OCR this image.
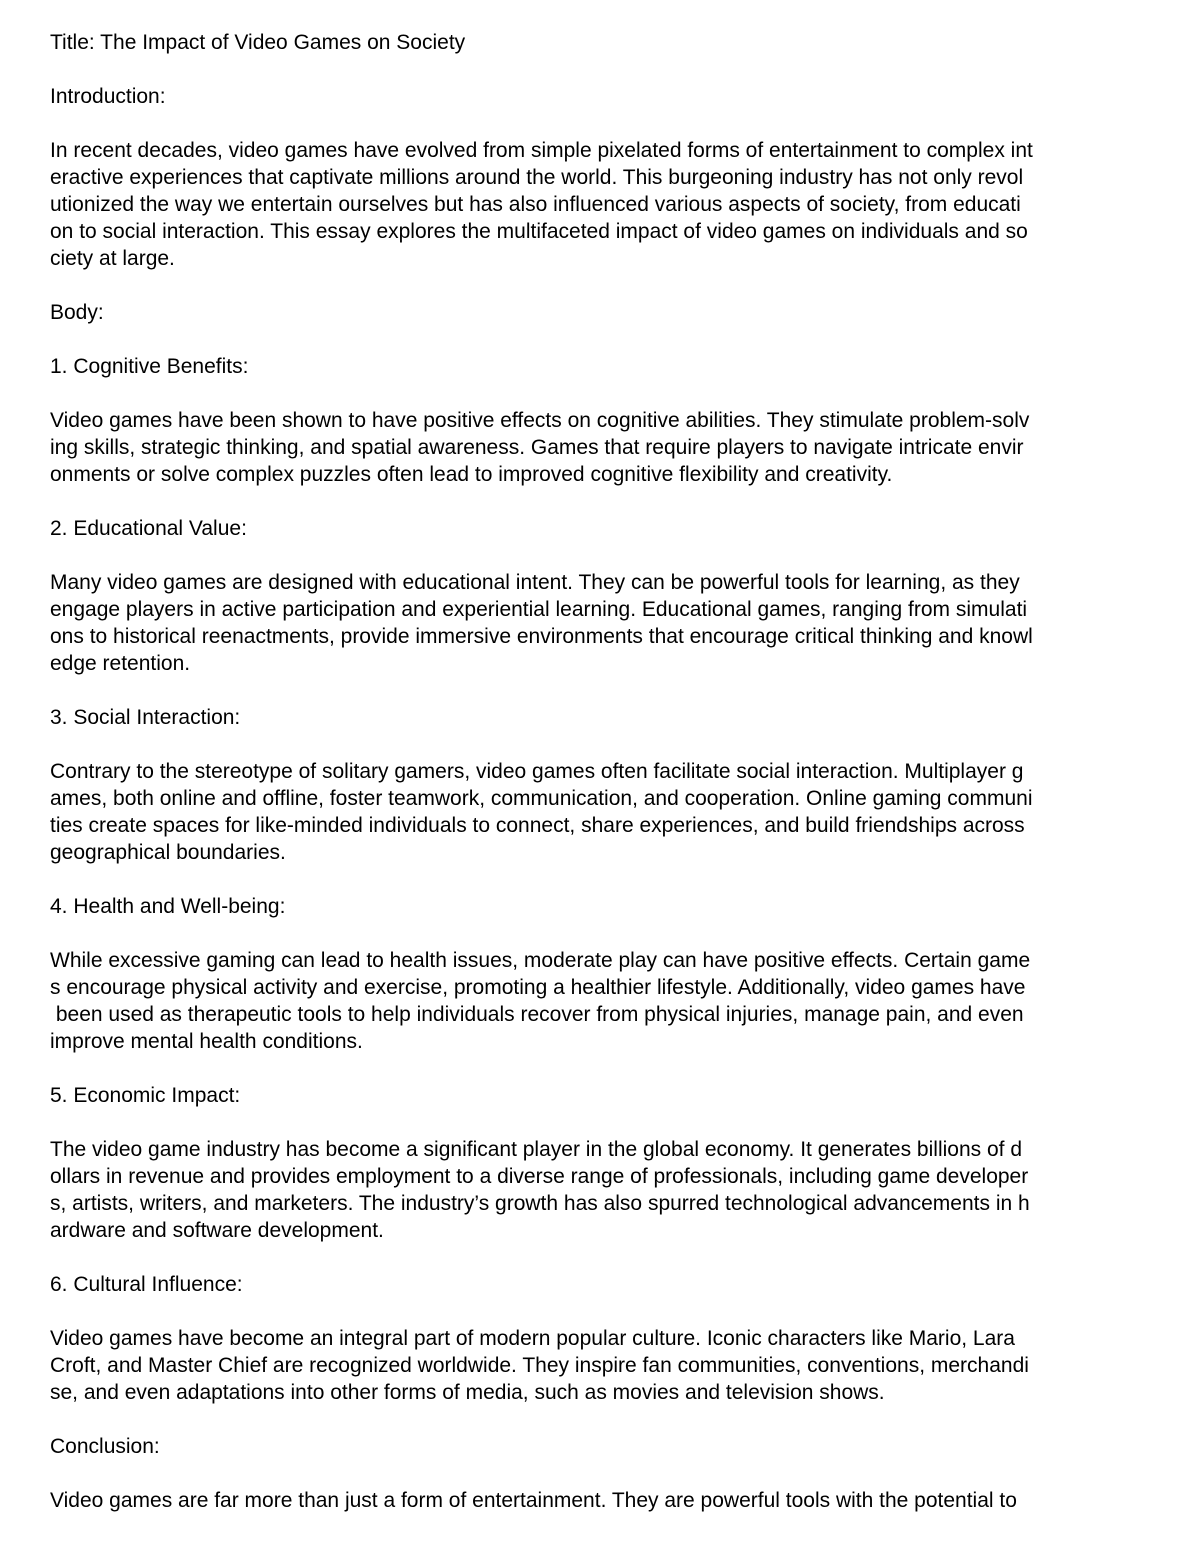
Title: The Impact of Video Games on Society
Introduction:
In recent decades, video games have evolved from simple pixelated forms of entertainment to complex int
eractive experiences that captivate millions around the world. This burgeoning industry has not only revol
utionized the way we entertain ourselves but has also influenced various aspects of society, from educati
on to social interaction. This essay explores the multifaceted impact of video games on individuals and so
ciety at large.
Body:
1. Cognitive Benefits:
Video games have been shown to have positive effects on cognitive abilities. They stimulate problem-solv
ing skills, strategic thinking, and spatial awareness. Games that require players to navigate intricate envir
onments or solve complex puzzles often lead to improved cognitive flexibility and creativity.
2. Educational Value:
Many video games are designed with educational intent. They can be powerful tools for learning, as they
engage players in active participation and experiential learning. Educational games, ranging from simulati
ons to historical reenactments, provide immersive environments that encourage critical thinking and knowl
edge retention.
3. Social Interaction:
Contrary to the stereotype of solitary gamers, video games often facilitate social interaction. Multiplayer g
ames, both online and offline, foster teamwork, communication, and cooperation. Online gaming communi
ties create spaces for like-minded individuals to connect, share experiences, and build friendships across
geographical boundaries.
4. Health and Well-being:
While excessive gaming can lead to health issues, moderate play can have positive effects. Certain game
s encourage physical activity and exercise, promoting a healthier lifestyle. Additionally, video games have
been used as therapeutic tools to help individuals recover from physical injuries, manage pain, and even
improve mental health conditions.
5. Economic Impact:
The video game industry has become a significant player in the global economy. It generates billions of d
ollars in revenue and provides employment to a diverse range of professionals, including game developer
s, artists, writers, and marketers. The industry’s growth has also spurred technological advancements in h
ardware and software development.
6. Cultural Influence:
Video games have become an integral part of modern popular culture. Iconic characters like Mario, Lara
Croft, and Master Chief are recognized worldwide. They inspire fan communities, conventions, merchandi
se, and even adaptations into other forms of media, such as movies and television shows.
Conclusion:
Video games are far more than just a form of entertainment. They are powerful tools with the potential to
